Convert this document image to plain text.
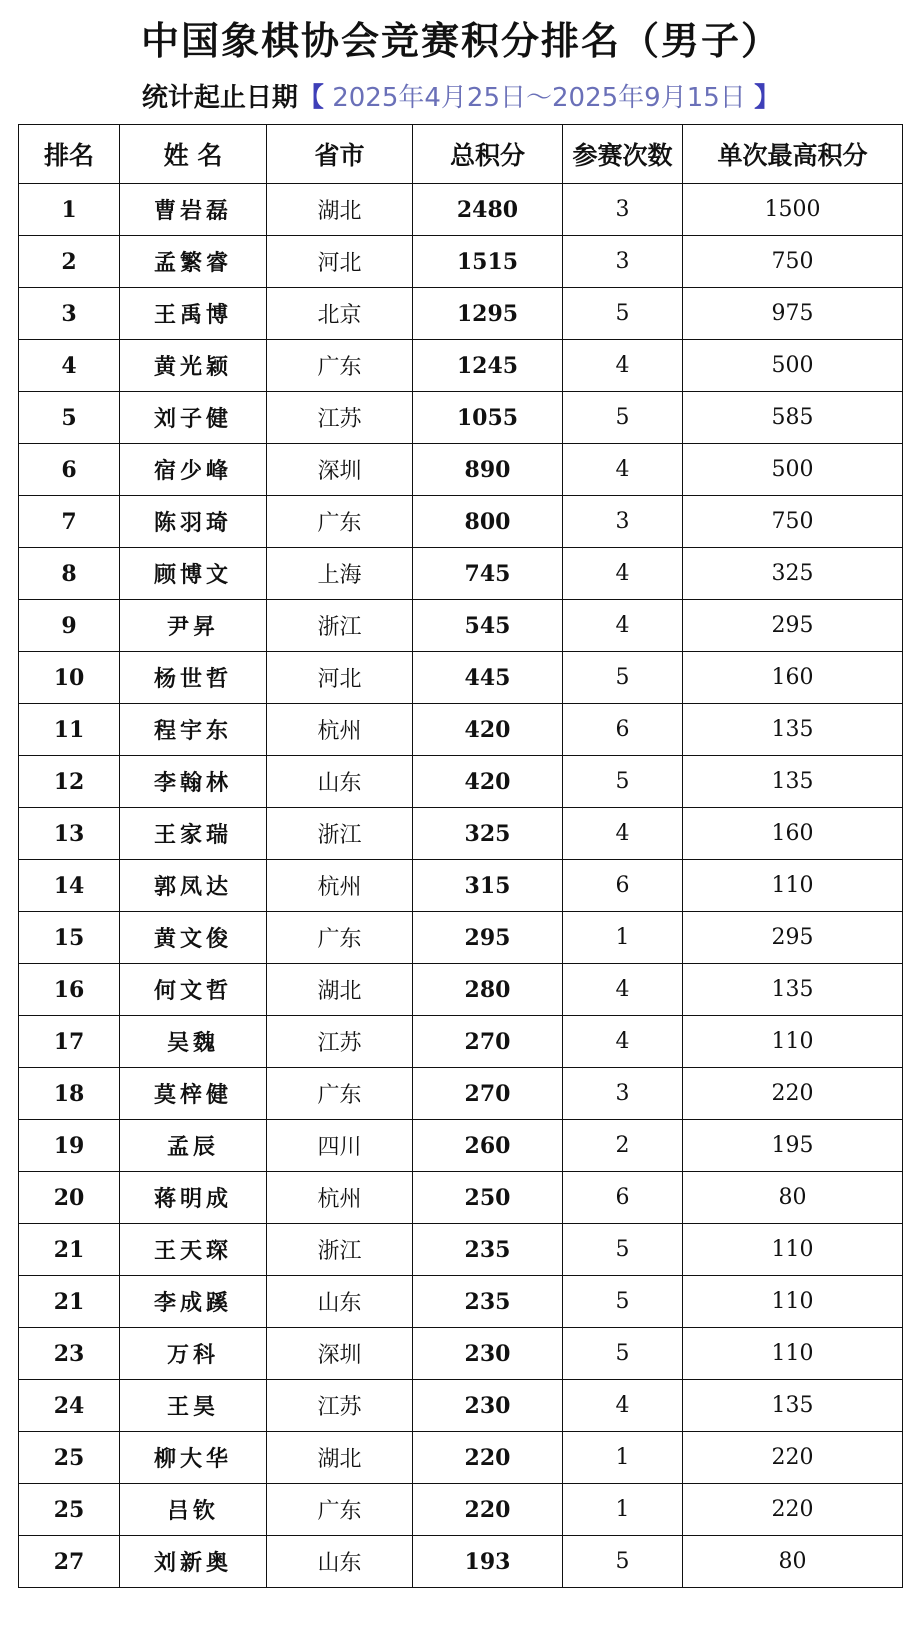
中国象棋协会竞赛积分排名（男子）
统计起止日期【 2025年4月25日～2025年9月15日 】
排名	姓 名	省市	总积分	参赛次数	单次最高积分
1	曹岩磊	湖北	2480	3	1500
2	孟繁睿	河北	1515	3	750
3	王禹博	北京	1295	5	975
4	黄光颖	广东	1245	4	500
5	刘子健	江苏	1055	5	585
6	宿少峰	深圳	890	4	500
7	陈羽琦	广东	800	3	750
8	顾博文	上海	745	4	325
9	尹昇	浙江	545	4	295
10	杨世哲	河北	445	5	160
11	程宇东	杭州	420	6	135
12	李翰林	山东	420	5	135
13	王家瑞	浙江	325	4	160
14	郭凤达	杭州	315	6	110
15	黄文俊	广东	295	1	295
16	何文哲	湖北	280	4	135
17	吴魏	江苏	270	4	110
18	莫梓健	广东	270	3	220
19	孟辰	四川	260	2	195
20	蒋明成	杭州	250	6	80
21	王天琛	浙江	235	5	110
21	李成蹊	山东	235	5	110
23	万科	深圳	230	5	110
24	王昊	江苏	230	4	135
25	柳大华	湖北	220	1	220
25	吕钦	广东	220	1	220
27	刘新奥	山东	193	5	80
